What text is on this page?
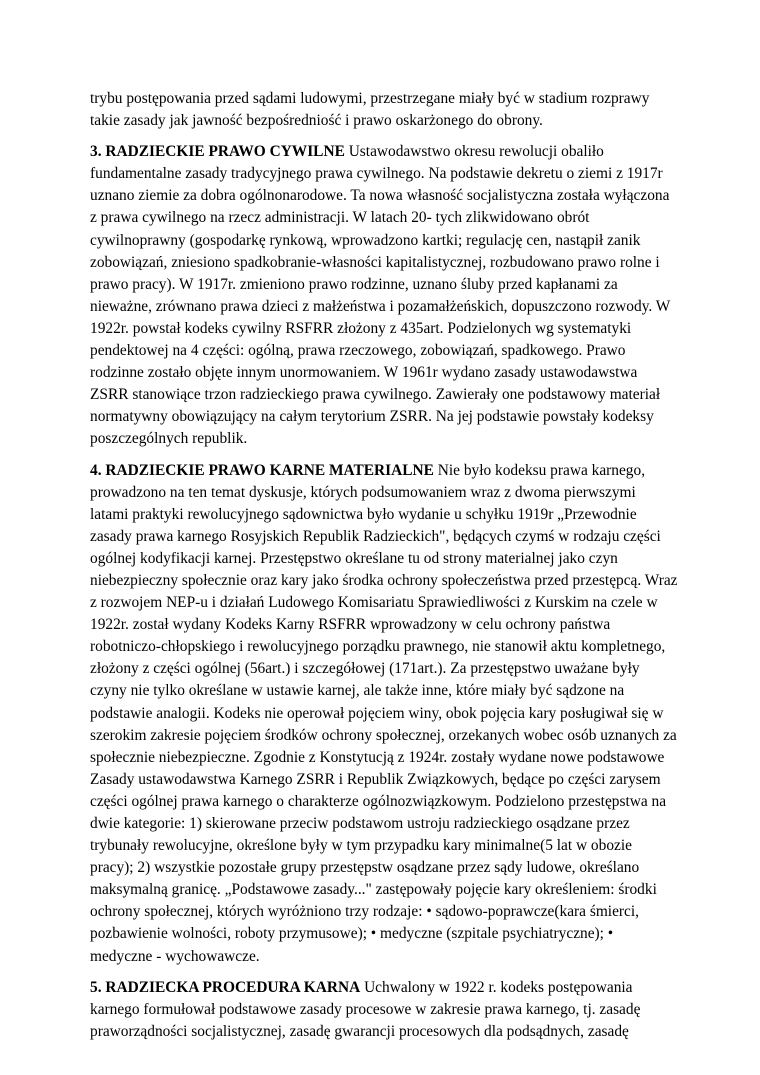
trybu postępowania przed sądami ludowymi, przestrzegane miały być w stadium rozprawy takie zasady jak jawność bezpośredniość i prawo oskarżonego do obrony.

3. RADZIECKIE PRAWO CYWILNE Ustawodawstwo okresu rewolucji obaliło fundamentalne zasady tradycyjnego prawa cywilnego. Na podstawie dekretu o ziemi z 1917r uznano ziemie za dobra ogólnonarodowe. Ta nowa własność socjalistyczna została wyłączona z prawa cywilnego na rzecz administracji. W latach 20- tych zlikwidowano obrót cywilnoprawny (gospodarkę rynkową, wprowadzono kartki; regulację cen, nastąpił zanik zobowiązań, zniesiono spadkobranie-własności kapitalistycznej, rozbudowano prawo rolne i prawo pracy). W 1917r. zmieniono prawo rodzinne, uznano śluby przed kapłanami za nieważne, zrównano prawa dzieci z małżeństwa i pozamałżeńskich, dopuszczono rozwody. W 1922r. powstał kodeks cywilny RSFRR złożony z 435art. Podzielonych wg systematyki pendektowej na 4 części: ogólną, prawa rzeczowego, zobowiązań, spadkowego. Prawo rodzinne zostało objęte innym unormowaniem. W 1961r wydano zasady ustawodawstwa ZSRR stanowiące trzon radzieckiego prawa cywilnego. Zawierały one podstawowy materiał normatywny obowiązujący na całym terytorium ZSRR. Na jej podstawie powstały kodeksy poszczególnych republik.

4. RADZIECKIE PRAWO KARNE MATERIALNE Nie było kodeksu prawa karnego, prowadzono na ten temat dyskusje, których podsumowaniem wraz z dwoma pierwszymi latami praktyki rewolucyjnego sądownictwa było wydanie u schyłku 1919r „Przewodnie zasady prawa karnego Rosyjskich Republik Radzieckich", będących czymś w rodzaju części ogólnej kodyfikacji karnej. Przestępstwo określane tu od strony materialnej jako czyn niebezpieczny społecznie oraz kary jako środka ochrony społeczeństwa przed przestępcą. Wraz z rozwojem NEP-u i działań Ludowego Komisariatu Sprawiedliwości z Kurskim na czele w 1922r. został wydany Kodeks Karny RSFRR wprowadzony w celu ochrony państwa robotniczo-chłopskiego i rewolucyjnego porządku prawnego, nie stanowił aktu kompletnego, złożony z części ogólnej (56art.) i szczegółowej (171art.). Za przestępstwo uważane były czyny nie tylko określane w ustawie karnej, ale także inne, które miały być sądzone na podstawie analogii. Kodeks nie operował pojęciem winy, obok pojęcia kary posługiwał się w szerokim zakresie pojęciem środków ochrony społecznej, orzekanych wobec osób uznanych za społecznie niebezpieczne. Zgodnie z Konstytucją z 1924r. zostały wydane nowe podstawowe Zasady ustawodawstwa Karnego ZSRR i Republik Związkowych, będące po części zarysem części ogólnej prawa karnego o charakterze ogólnozwiązkowym. Podzielono przestępstwa na dwie kategorie: 1) skierowane przeciw podstawom ustroju radzieckiego osądzane przez trybunały rewolucyjne, określone były w tym przypadku kary minimalne(5 lat w obozie pracy); 2) wszystkie pozostałe grupy przestępstw osądzane przez sądy ludowe, określano maksymalną granicę. „Podstawowe zasady..." zastępowały pojęcie kary określeniem: środki ochrony społecznej, których wyróżniono trzy rodzaje: • sądowo-poprawcze(kara śmierci, pozbawienie wolności, roboty przymusowe); • medyczne (szpitale psychiatryczne); • medyczne - wychowawcze.

5. RADZIECKA PROCEDURA KARNA Uchwalony w 1922 r. kodeks postępowania karnego formułował podstawowe zasady procesowe w zakresie prawa karnego, tj. zasadę praworządności socjalistycznej, zasadę gwarancji procesowych dla podsądnych, zasadę
